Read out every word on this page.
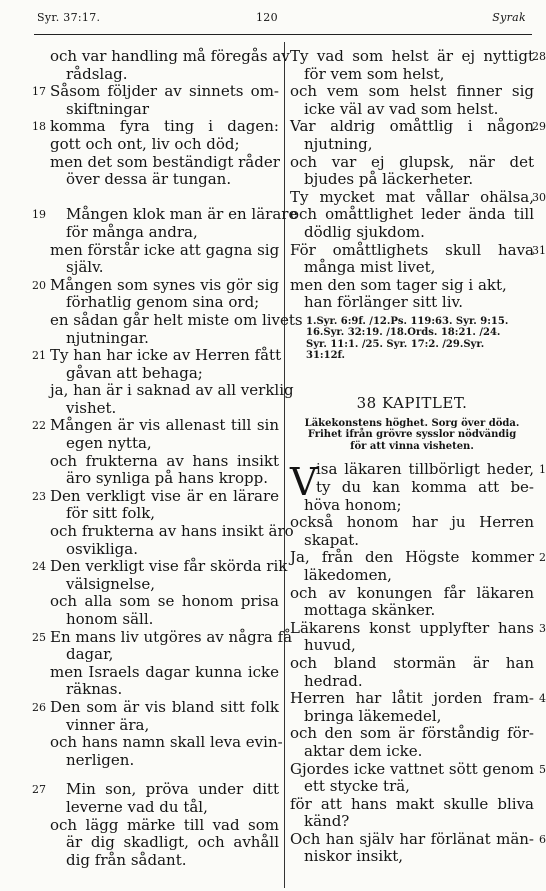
Syr. 37:17.	120	Syrak
och var handling må föregås av
rådslag.
17 Såsom följder av sinnets om-
skiftningar
18 komma fyra ting i dagen:
gott och ont, liv och död;
men det som beständigt råder
över dessa är tungan.
19 Mången klok man är en lärare
för många andra,
men förstår icke att gagna sig
själv.
20 Mången som synes vis gör sig
förhatlig genom sina ord;
en sådan går helt miste om livets
njutningar.
21 Ty han har icke av Herren fått
gåvan att behaga;
ja, han är i saknad av all verklig
vishet.
22 Mången är vis allenast till sin
egen nytta,
och frukterna av hans insikt
äro synliga på hans kropp.
23 Den verkligt vise är en lärare
för sitt folk,
och frukterna av hans insikt äro
osvikliga.
24 Den verkligt vise får skörda rik
välsignelse,
och alla som se honom prisa
honom säll.
25 En mans liv utgöres av några få
dagar,
men Israels dagar kunna icke
räknas.
26 Den som är vis bland sitt folk
vinner ära,
och hans namn skall leva evin-
nerligen.
27 Min son, pröva under ditt
leverne vad du tål,
och lägg märke till vad som
är dig skadligt, och avhåll
dig från sådant.
Ty vad som helst är ej nyttigt
28
för vem som helst,
och vem som helst finner sig
icke väl av vad som helst.
Var aldrig omåttlig i någon
29
njutning,
och var ej glupsk, när det
bjudes på läckerheter.
Ty mycket mat vållar ohälsa,
30
och omåttlighet leder ända till
dödlig sjukdom.
För omåttlighets skull hava
31
många mist livet,
men den som tager sig i akt,
han förlänger sitt liv.
1.Syr. 6:9f. /12.Ps. 119:63. Syr. 9:15.
16.Syr. 32:19. /18.Ords. 18:21. /24.
Syr. 11:1. /25. Syr. 17:2. /29.Syr.
31:12f.
38 KAPITLET.
Läkekonstens höghet. Sorg över döda.
Frihet ifrån grövre sysslor nödvändig
för att vinna visheten.
V
isa läkaren tillbörligt heder, 1
ty du kan komma att be-
höva honom;
också honom har ju Herren
skapat.
Ja, från den Högste kommer 2
läkedomen,
och av konungen får läkaren
mottaga skänker.
Läkarens konst upplyfter hans 3
huvud,
och bland stormän är han
hedrad.
Herren har låtit jorden fram- 4
bringa läkemedel,
och den som är förståndig för-
aktar dem icke.
Gjordes icke vattnet sött genom 5
ett stycke trä,
för att hans makt skulle bliva
känd?
Och han själv har förlänat män- 6
niskor insikt,
